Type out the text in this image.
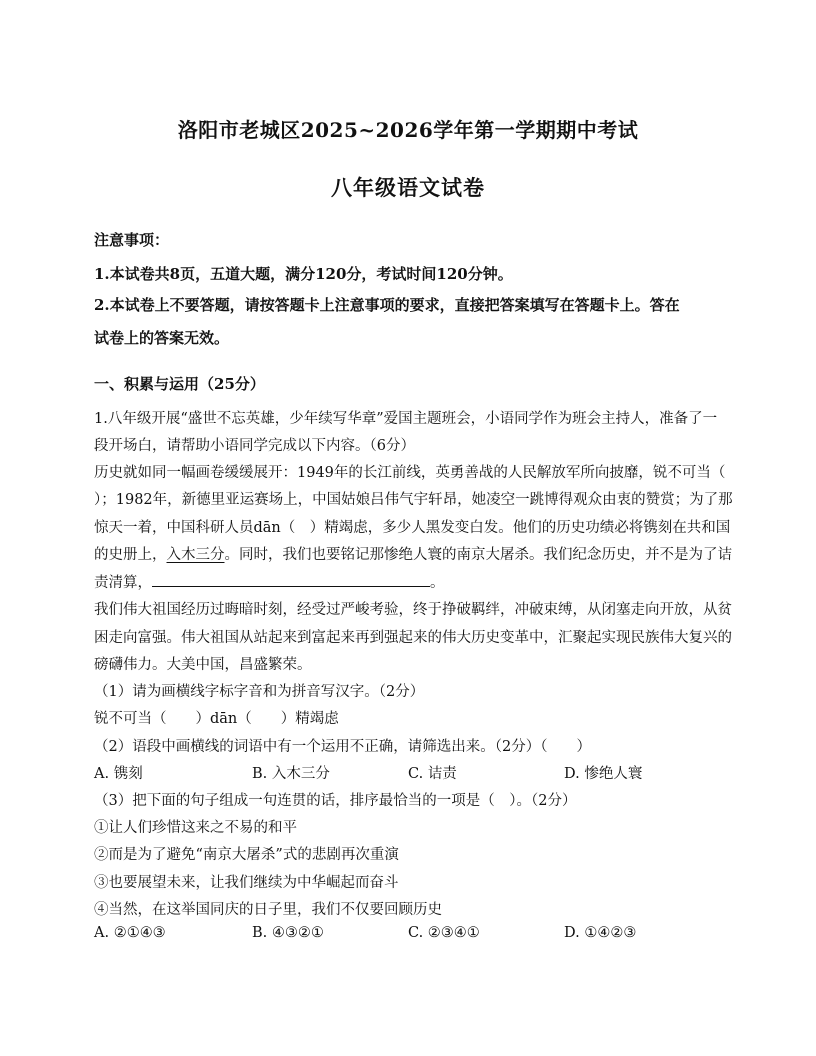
洛阳市老城区2025~2026学年第一学期期中考试
八年级语文试卷
注意事项：
1.本试卷共8页，五道大题，满分120分，考试时间120分钟。
2.本试卷上不要答题，请按答题卡上注意事项的要求，直接把答案填写在答题卡上。答在
试卷上的答案无效。
一、积累与运用（25分）
1.八年级开展“盛世不忘英雄，少年续写华章”爱国主题班会，小语同学作为班会主持人，准备了一
段开场白，请帮助小语同学完成以下内容。（6分）
历史就如同一幅画卷缓缓展开：1949年的长江前线，英勇善战的人民解放军所向披靡，锐不可当（
）；1982年，新德里亚运赛场上，中国姑娘吕伟气宇轩昂，她凌空一跳博得观众由衷的赞赏；为了那
惊天一着，中国科研人员dān（　）精竭虑，多少人黑发变白发。他们的历史功绩必将镌刻在共和国
的史册上，入木三分。同时，我们也要铭记那惨绝人寰的南京大屠杀。我们纪念历史，并不是为了诘
责清算，	。
我们伟大祖国经历过晦暗时刻，经受过严峻考验，终于挣破羁绊，冲破束缚，从闭塞走向开放，从贫
困走向富强。伟大祖国从站起来到富起来再到强起来的伟大历史变革中，汇聚起实现民族伟大复兴的
磅礴伟力。大美中国，昌盛繁荣。
（1）请为画横线字标字音和为拼音写汉字。（2分）
锐不可当（　　）dān（　　）精竭虑
（2）语段中画横线的词语中有一个运用不正确，请筛选出来。（2分）（　　）
A. 镌刻	B. 入木三分	C. 诘责	D. 惨绝人寰
（3）把下面的句子组成一句连贯的话，排序最恰当的一项是（　）。（2分）
①让人们珍惜这来之不易的和平
②而是为了避免“南京大屠杀”式的悲剧再次重演
③也要展望未来，让我们继续为中华崛起而奋斗
④当然，在这举国同庆的日子里，我们不仅要回顾历史
A. ②①④③	B. ④③②①	C. ②③④①	D. ①④②③
